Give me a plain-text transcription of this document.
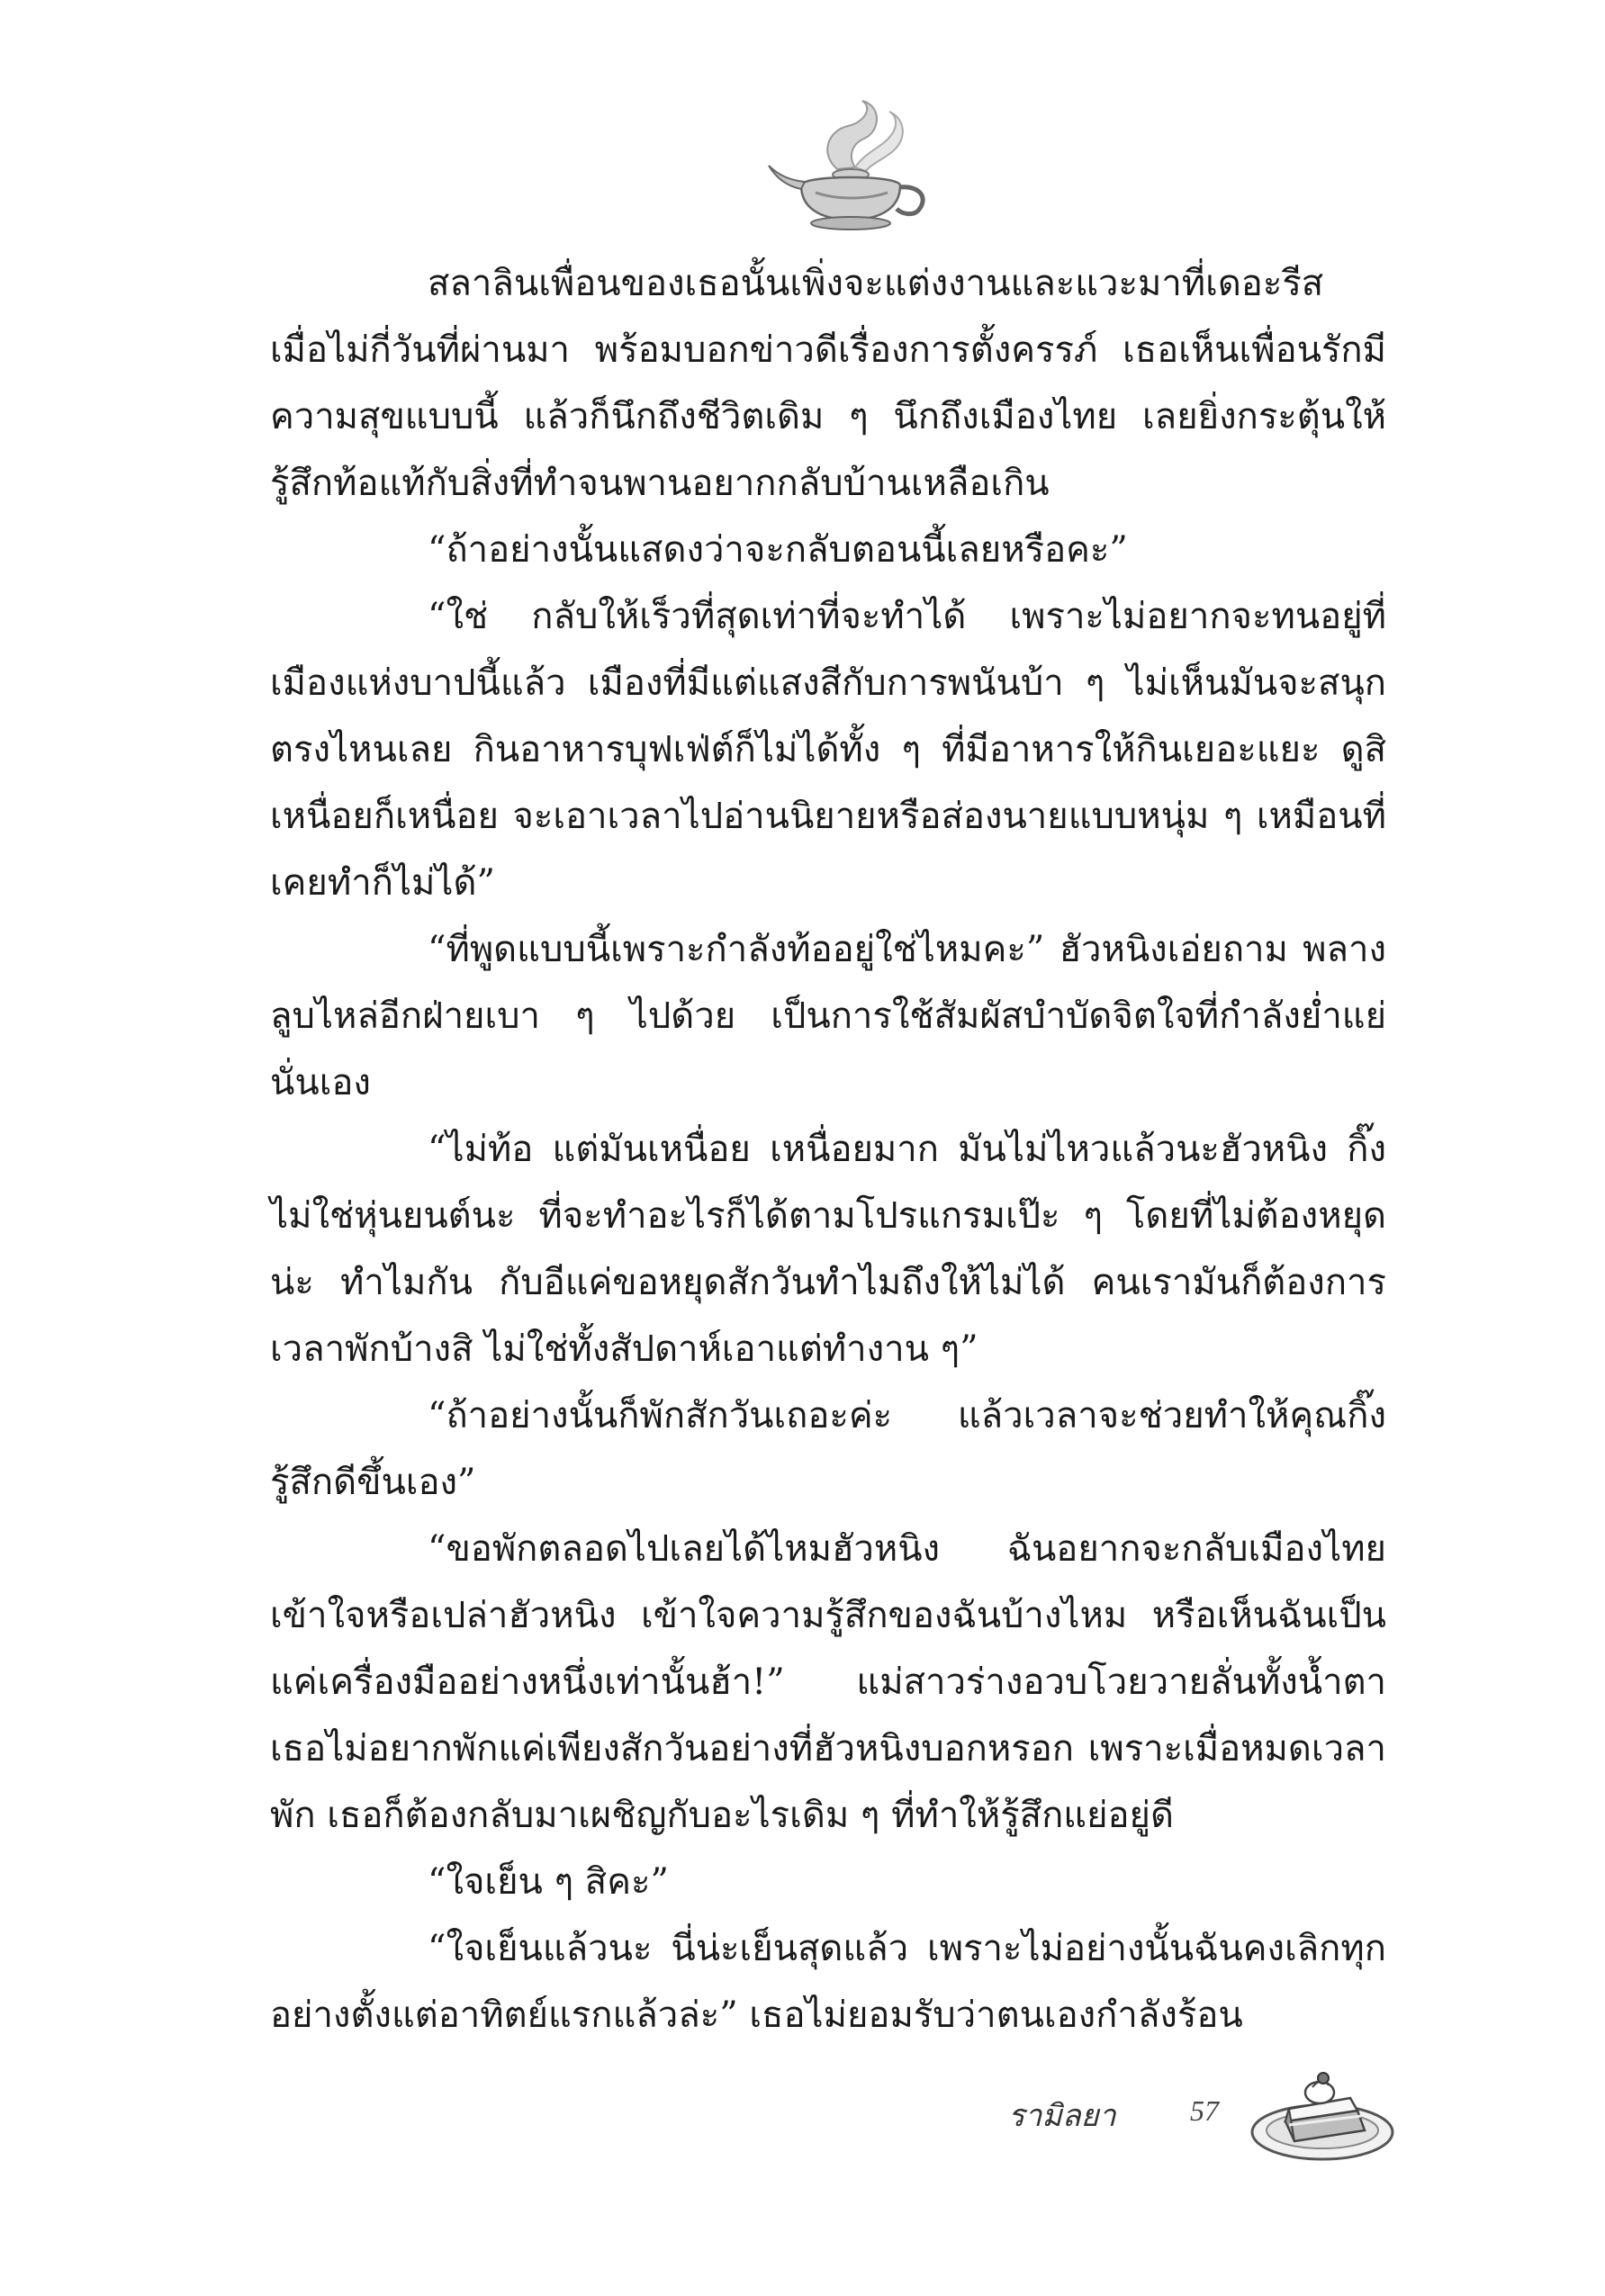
สลาลินเพื่อนของเธอนั้นเพิ่งจะแต่งงานและแวะมาที่เดอะรีส เมื่อไม่กี่วันที่ผ่านมา พร้อมบอกข่าวดีเรื่องการตั้งครรภ์ เธอเห็นเพื่อนรักมีความสุขแบบนี้ แล้วก็นึกถึงชีวิตเดิม ๆ นึกถึงเมืองไทย เลยยิ่งกระตุ้นให้รู้สึกท้อแท้กับสิ่งที่ทำจนพานอยากกลับบ้านเหลือเกิน

“ถ้าอย่างนั้นแสดงว่าจะกลับตอนนี้เลยหรือคะ”

“ใช่ กลับให้เร็วที่สุดเท่าที่จะทำได้ เพราะไม่อยากจะทนอยู่ที่เมืองแห่งบาปนี้แล้ว เมืองที่มีแต่แสงสีกับการพนันบ้า ๆ ไม่เห็นมันจะสนุกตรงไหนเลย กินอาหารบุฟเฟ่ต์ก็ไม่ได้ทั้ง ๆ ที่มีอาหารให้กินเยอะแยะ ดูสิเหนื่อยก็เหนื่อย จะเอาเวลาไปอ่านนิยายหรือส่องนายแบบหนุ่ม ๆ เหมือนที่เคยทำก็ไม่ได้”

“ที่พูดแบบนี้เพราะกำลังท้ออยู่ใช่ไหมคะ” ฮัวหนิงเอ่ยถาม พลางลูบไหล่อีกฝ่ายเบา ๆ ไปด้วย เป็นการใช้สัมผัสบำบัดจิตใจที่กำลังย่ำแย่นั่นเอง

“ไม่ท้อ แต่มันเหนื่อย เหนื่อยมาก มันไม่ไหวแล้วนะฮัวหนิง กิ๊งไม่ใช่หุ่นยนต์นะ ที่จะทำอะไรก็ได้ตามโปรแกรมเป๊ะ ๆ โดยที่ไม่ต้องหยุดน่ะ ทำไมกัน กับอีแค่ขอหยุดสักวันทำไมถึงให้ไม่ได้ คนเรามันก็ต้องการเวลาพักบ้างสิ ไม่ใช่ทั้งสัปดาห์เอาแต่ทำงาน ๆ”

“ถ้าอย่างนั้นก็พักสักวันเถอะค่ะ แล้วเวลาจะช่วยทำให้คุณกิ๊งรู้สึกดีขึ้นเอง”

“ขอพักตลอดไปเลยได้ไหมฮัวหนิง ฉันอยากจะกลับเมืองไทย เข้าใจหรือเปล่าฮัวหนิง เข้าใจความรู้สึกของฉันบ้างไหม หรือเห็นฉันเป็นแค่เครื่องมืออย่างหนึ่งเท่านั้นฮ้า!” แม่สาวร่างอวบโวยวายลั่นทั้งน้ำตา เธอไม่อยากพักแค่เพียงสักวันอย่างที่ฮัวหนิงบอกหรอก เพราะเมื่อหมดเวลาพัก เธอก็ต้องกลับมาเผชิญกับอะไรเดิม ๆ ที่ทำให้รู้สึกแย่อยู่ดี

“ใจเย็น ๆ สิคะ”

“ใจเย็นแล้วนะ นี่น่ะเย็นสุดแล้ว เพราะไม่อย่างนั้นฉันคงเลิกทุกอย่างตั้งแต่อาทิตย์แรกแล้วล่ะ” เธอไม่ยอมรับว่าตนเองกำลังร้อน

รามิลยา	57
